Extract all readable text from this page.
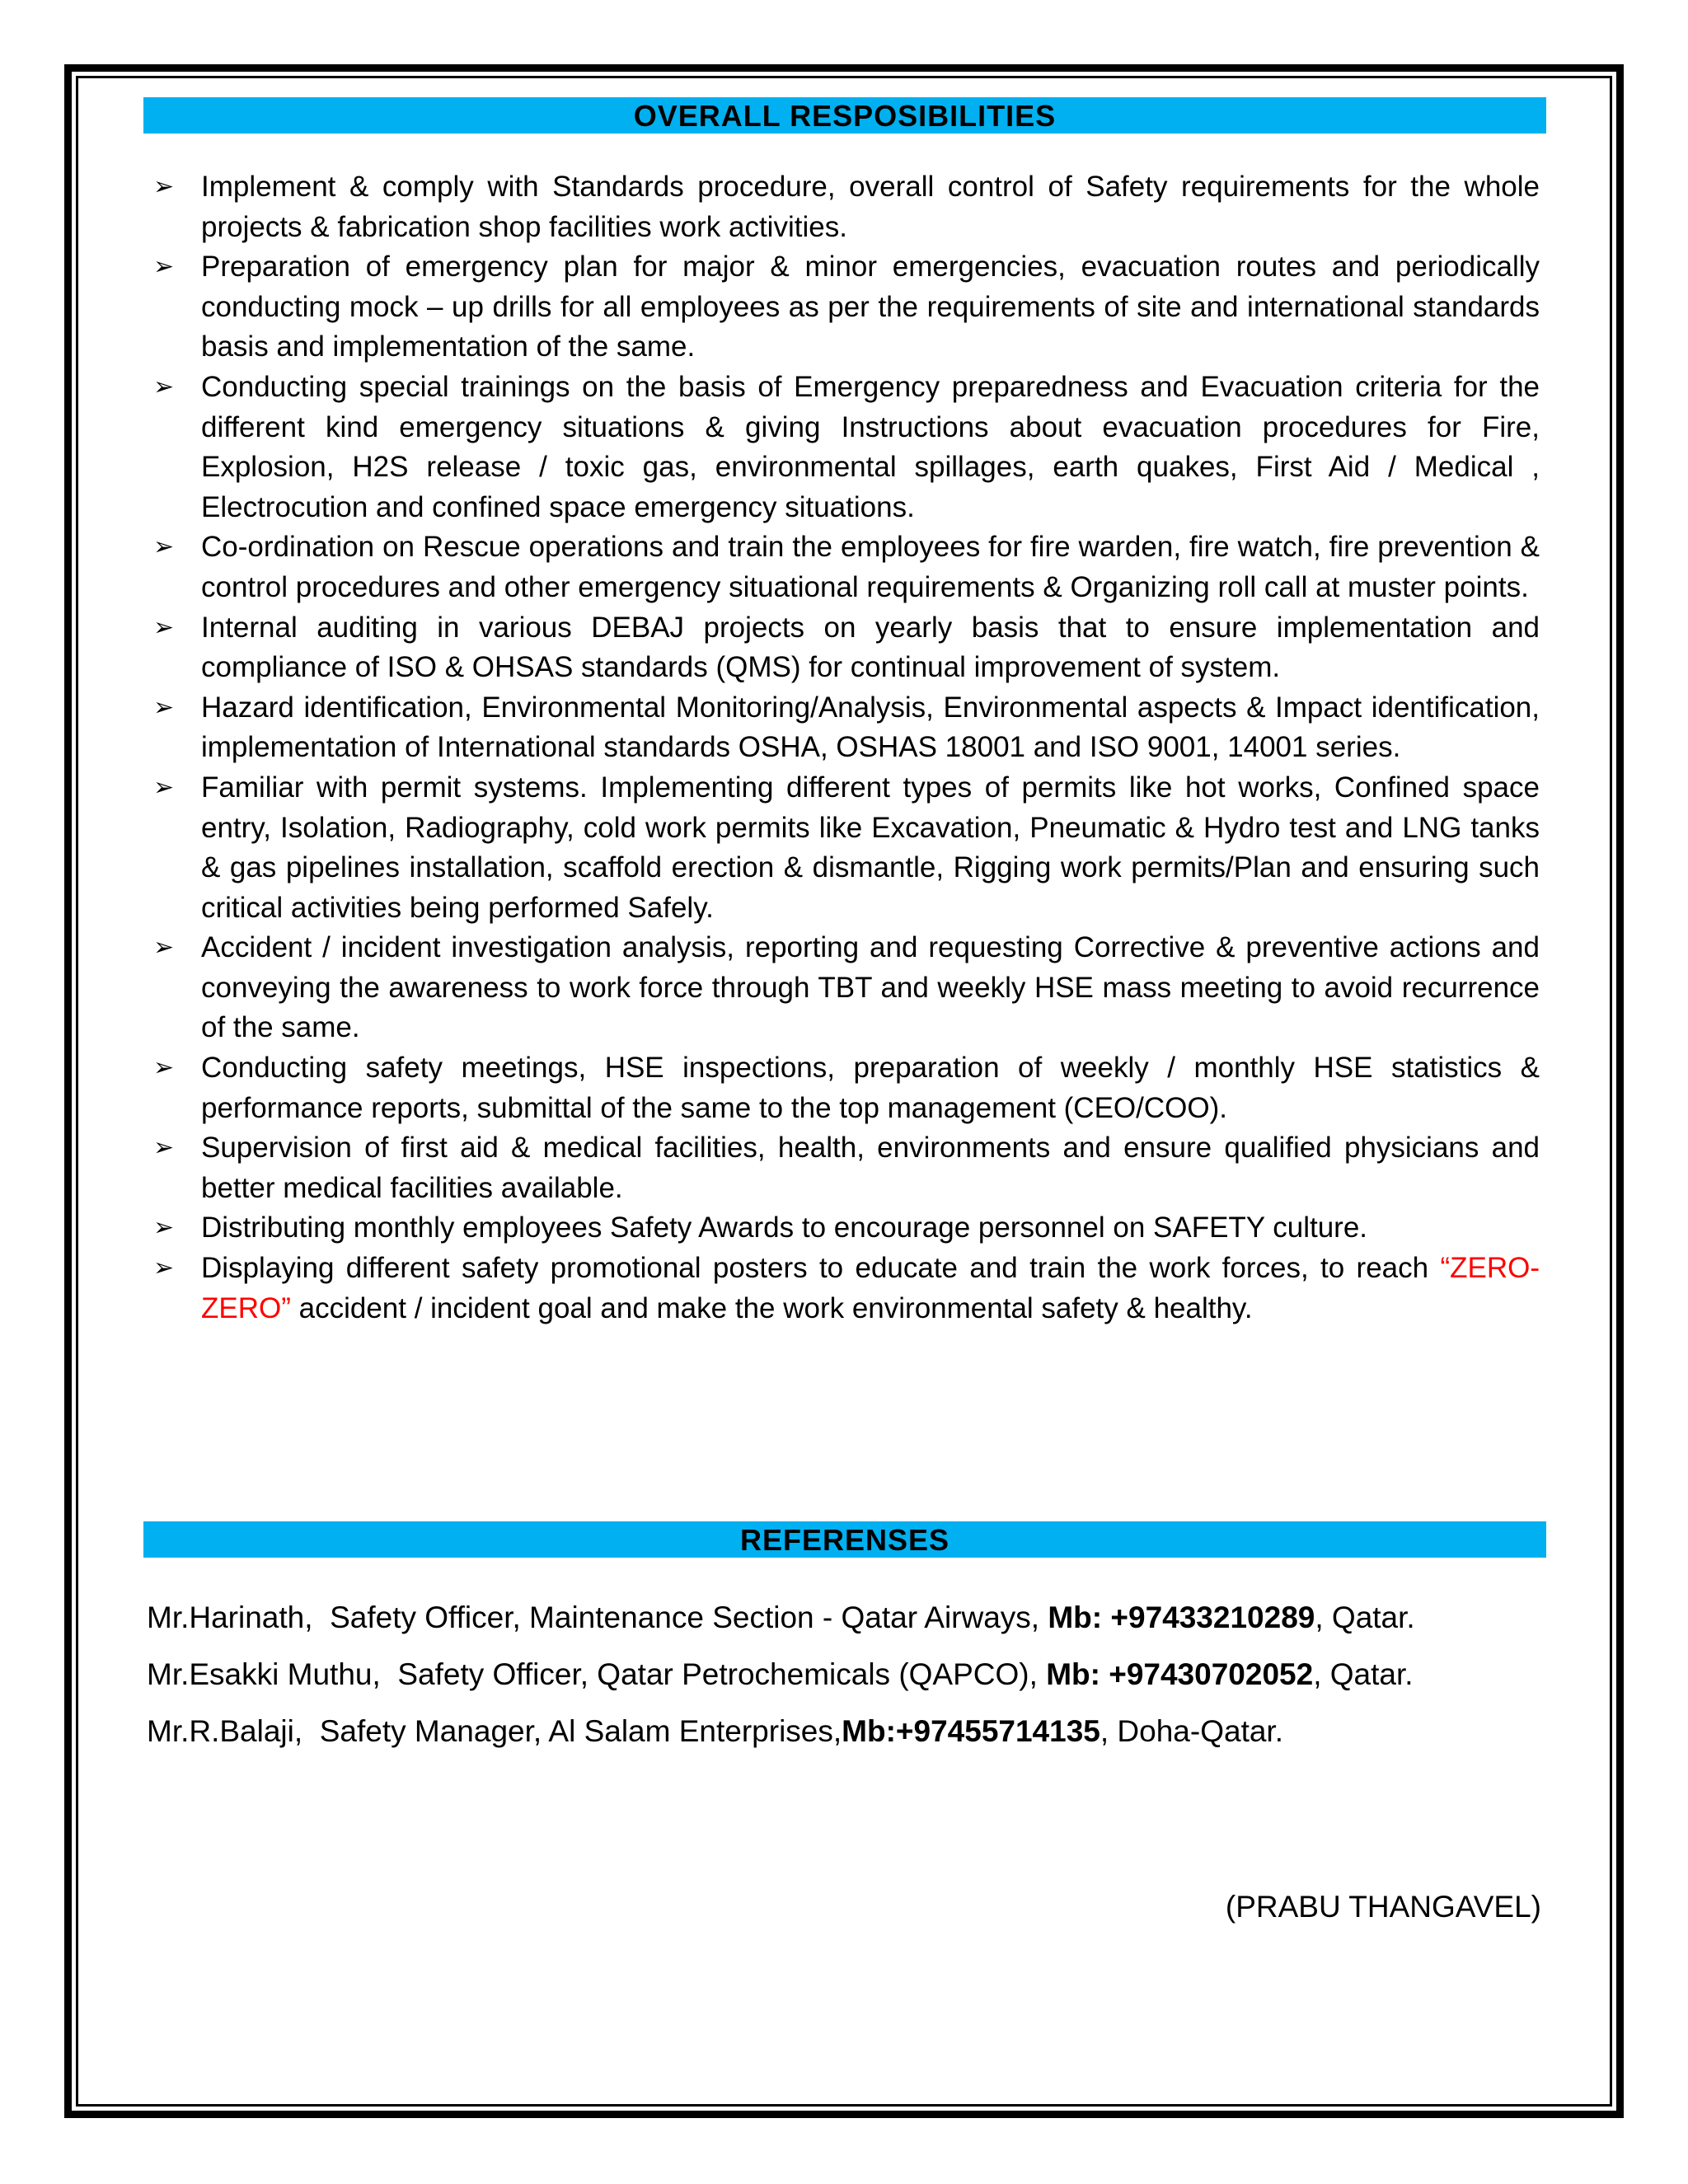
OVERALL RESPOSIBILITIES
➢ Implement & comply with Standards procedure, overall control of Safety requirements for the whole projects & fabrication shop facilities work activities.
➢ Preparation of emergency plan for major & minor emergencies, evacuation routes and periodically conducting mock – up drills for all employees as per the requirements of site and international standards basis and implementation of the same.
➢ Conducting special trainings on the basis of Emergency preparedness and Evacuation criteria for the different kind emergency situations & giving Instructions about evacuation procedures for Fire, Explosion, H2S release / toxic gas, environmental spillages, earth quakes, First Aid / Medical , Electrocution and confined space emergency situations.
➢ Co-ordination on Rescue operations and train the employees for fire warden, fire watch, fire prevention & control procedures and other emergency situational requirements & Organizing roll call at muster points.
➢ Internal auditing in various DEBAJ projects on yearly basis that to ensure implementation and compliance of ISO & OHSAS standards (QMS) for continual improvement of system.
➢ Hazard identification, Environmental Monitoring/Analysis, Environmental aspects & Impact identification, implementation of International standards OSHA, OSHAS 18001 and ISO 9001, 14001 series.
➢ Familiar with permit systems. Implementing different types of permits like hot works, Confined space entry, Isolation, Radiography, cold work permits like Excavation, Pneumatic & Hydro test and LNG tanks & gas pipelines installation, scaffold erection & dismantle, Rigging work permits/Plan and ensuring such critical activities being performed Safely.
➢ Accident / incident investigation analysis, reporting and requesting Corrective & preventive actions and conveying the awareness to work force through TBT and weekly HSE mass meeting to avoid recurrence of the same.
➢ Conducting safety meetings, HSE inspections, preparation of weekly / monthly HSE statistics & performance reports, submittal of the same to the top management (CEO/COO).
➢ Supervision of first aid & medical facilities, health, environments and ensure qualified physicians and better medical facilities available.
➢ Distributing monthly employees Safety Awards to encourage personnel on SAFETY culture.
➢ Displaying different safety promotional posters to educate and train the work forces, to reach “ZERO-ZERO” accident / incident goal and make the work environmental safety & healthy.
REFERENSES
Mr.Harinath, Safety Officer, Maintenance Section - Qatar Airways, Mb: +97433210289, Qatar.
Mr.Esakki Muthu, Safety Officer, Qatar Petrochemicals (QAPCO), Mb: +97430702052, Qatar.
Mr.R.Balaji, Safety Manager, Al Salam Enterprises,Mb:+97455714135, Doha-Qatar.
(PRABU THANGAVEL)
